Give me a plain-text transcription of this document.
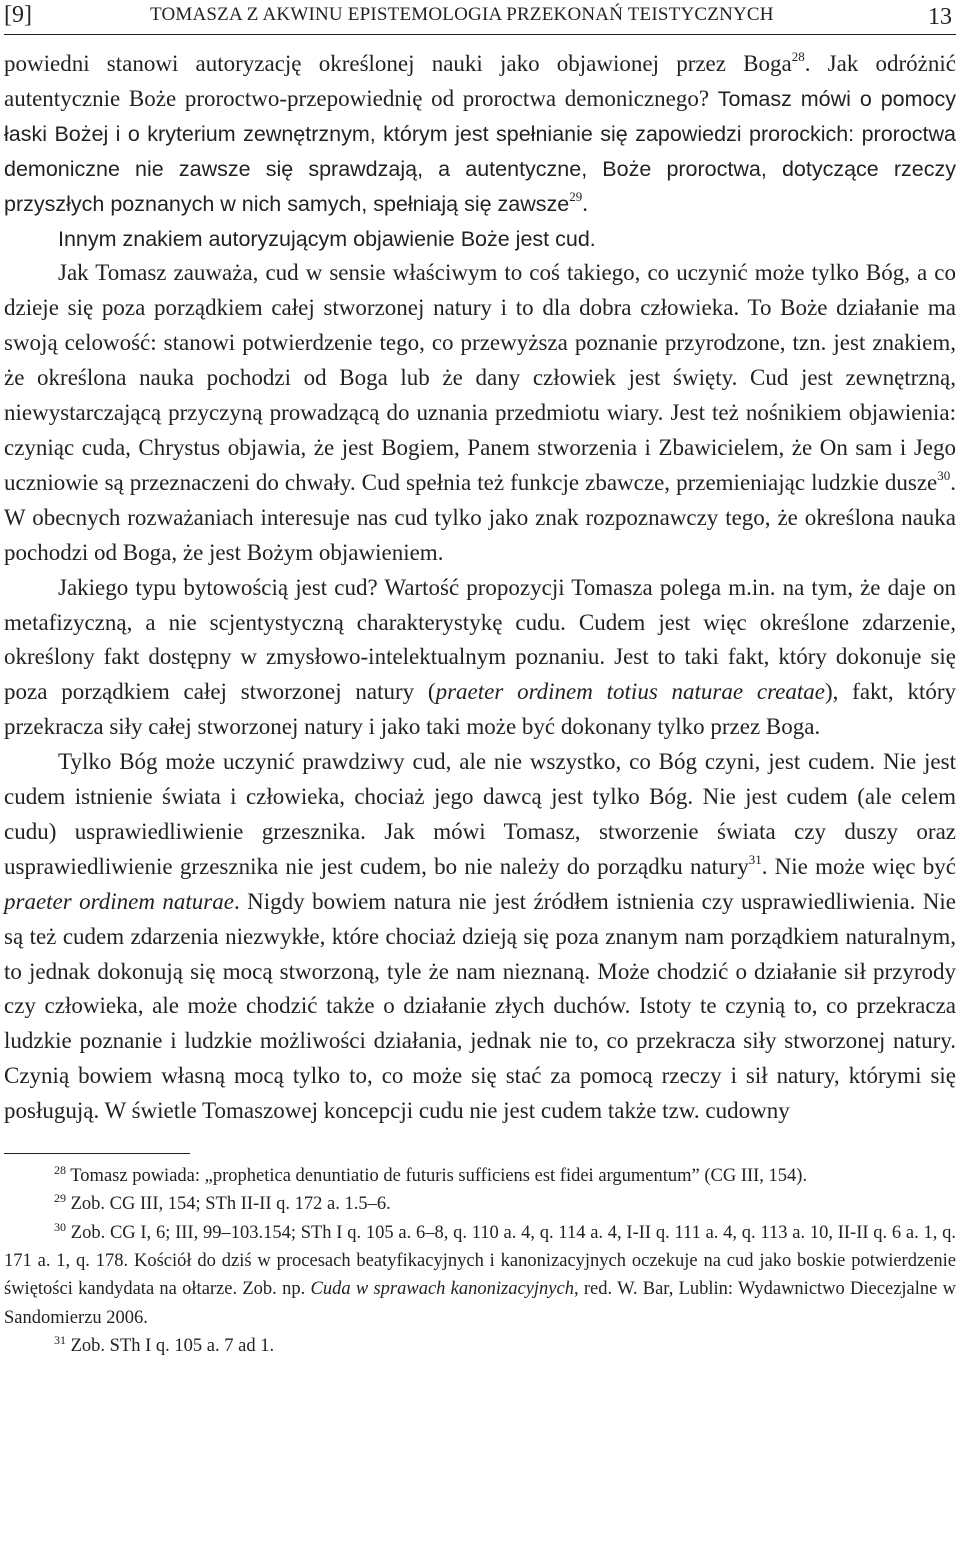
[9]	TOMASZA Z AKWINU EPISTEMOLOGIA PRZEKONAŃ TEISTYCZNYCH	13

powiedni stanowi autoryzację określonej nauki jako objawionej przez Boga$^{28}$. Jak odróżnić autentycznie Boże proroctwo-przepowiednię od proroctwa demonicznego? Tomasz mówi o pomocy łaski Bożej i o kryterium zewnętrznym, którym jest spełnianie się zapowiedzi prorockich: proroctwa demoniczne nie zawsze się sprawdzają, a autentyczne, Boże proroctwa, dotyczące rzeczy przyszłych poznanych w nich samych, spełniają się zawsze$^{29}$.

Innym znakiem autoryzującym objawienie Boże jest cud.

Jak Tomasz zauważa, cud w sensie właściwym to coś takiego, co uczynić może tylko Bóg, a co dzieje się poza porządkiem całej stworzonej natury i to dla dobra człowieka. To Boże działanie ma swoją celowość: stanowi potwierdzenie tego, co przewyższa poznanie przyrodzone, tzn. jest znakiem, że określona nauka pochodzi od Boga lub że dany człowiek jest święty. Cud jest zewnętrzną, niewystarczającą przyczyną prowadzącą do uznania przedmiotu wiary. Jest też nośnikiem objawienia: czyniąc cuda, Chrystus objawia, że jest Bogiem, Panem stworzenia i Zbawicielem, że On sam i Jego uczniowie są przeznaczeni do chwały. Cud spełnia też funkcje zbawcze, przemieniając ludzkie dusze$^{30}$. W obecnych rozważaniach interesuje nas cud tylko jako znak rozpoznawczy tego, że określona nauka pochodzi od Boga, że jest Bożym objawieniem.

Jakiego typu bytowością jest cud? Wartość propozycji Tomasza polega m.in. na tym, że daje on metafizyczną, a nie scjentystyczną charakterystykę cudu. Cudem jest więc określone zdarzenie, określony fakt dostępny w zmysłowo-intelektualnym poznaniu. Jest to taki fakt, który dokonuje się poza porządkiem całej stworzonej natury (praeter ordinem totius naturae creatae), fakt, który przekracza siły całej stworzonej natury i jako taki może być dokonany tylko przez Boga.

Tylko Bóg może uczynić prawdziwy cud, ale nie wszystko, co Bóg czyni, jest cudem. Nie jest cudem istnienie świata i człowieka, chociaż jego dawcą jest tylko Bóg. Nie jest cudem (ale celem cudu) usprawiedliwienie grzesznika. Jak mówi Tomasz, stworzenie świata czy duszy oraz usprawiedliwienie grzesznika nie jest cudem, bo nie należy do porządku natury$^{31}$. Nie może więc być praeter ordinem naturae. Nigdy bowiem natura nie jest źródłem istnienia czy usprawiedliwienia. Nie są też cudem zdarzenia niezwykłe, które chociaż dzieją się poza znanym nam porządkiem naturalnym, to jednak dokonują się mocą stworzoną, tyle że nam nieznaną. Może chodzić o działanie sił przyrody czy człowieka, ale może chodzić także o działanie złych duchów. Istoty te czynią to, co przekracza ludzkie poznanie i ludzkie możliwości działania, jednak nie to, co przekracza siły stworzonej natury. Czynią bowiem własną mocą tylko to, co może się stać za pomocą rzeczy i sił natury, którymi się posługują. W świetle Tomaszowej koncepcji cudu nie jest cudem także tzw. cudowny

$^{28}$ Tomasz powiada: „prophetica denuntiatio de futuris sufficiens est fidei argumentum” (CG III, 154).

$^{29}$ Zob. CG III, 154; STh II-II q. 172 a. 1.5–6.

$^{30}$ Zob. CG I, 6; III, 99–103.154; STh I q. 105 a. 6–8, q. 110 a. 4, q. 114 a. 4, I-II q. 111 a. 4, q. 113 a. 10, II-II q. 6 a. 1, q. 171 a. 1, q. 178. Kościół do dziś w procesach beatyfikacyjnych i kanonizacyjnych oczekuje na cud jako boskie potwierdzenie świętości kandydata na ołtarze. Zob. np. Cuda w sprawach kanonizacyjnych, red. W. Bar, Lublin: Wydawnictwo Diecezjalne w Sandomierzu 2006.

$^{31}$ Zob. STh I q. 105 a. 7 ad 1.
